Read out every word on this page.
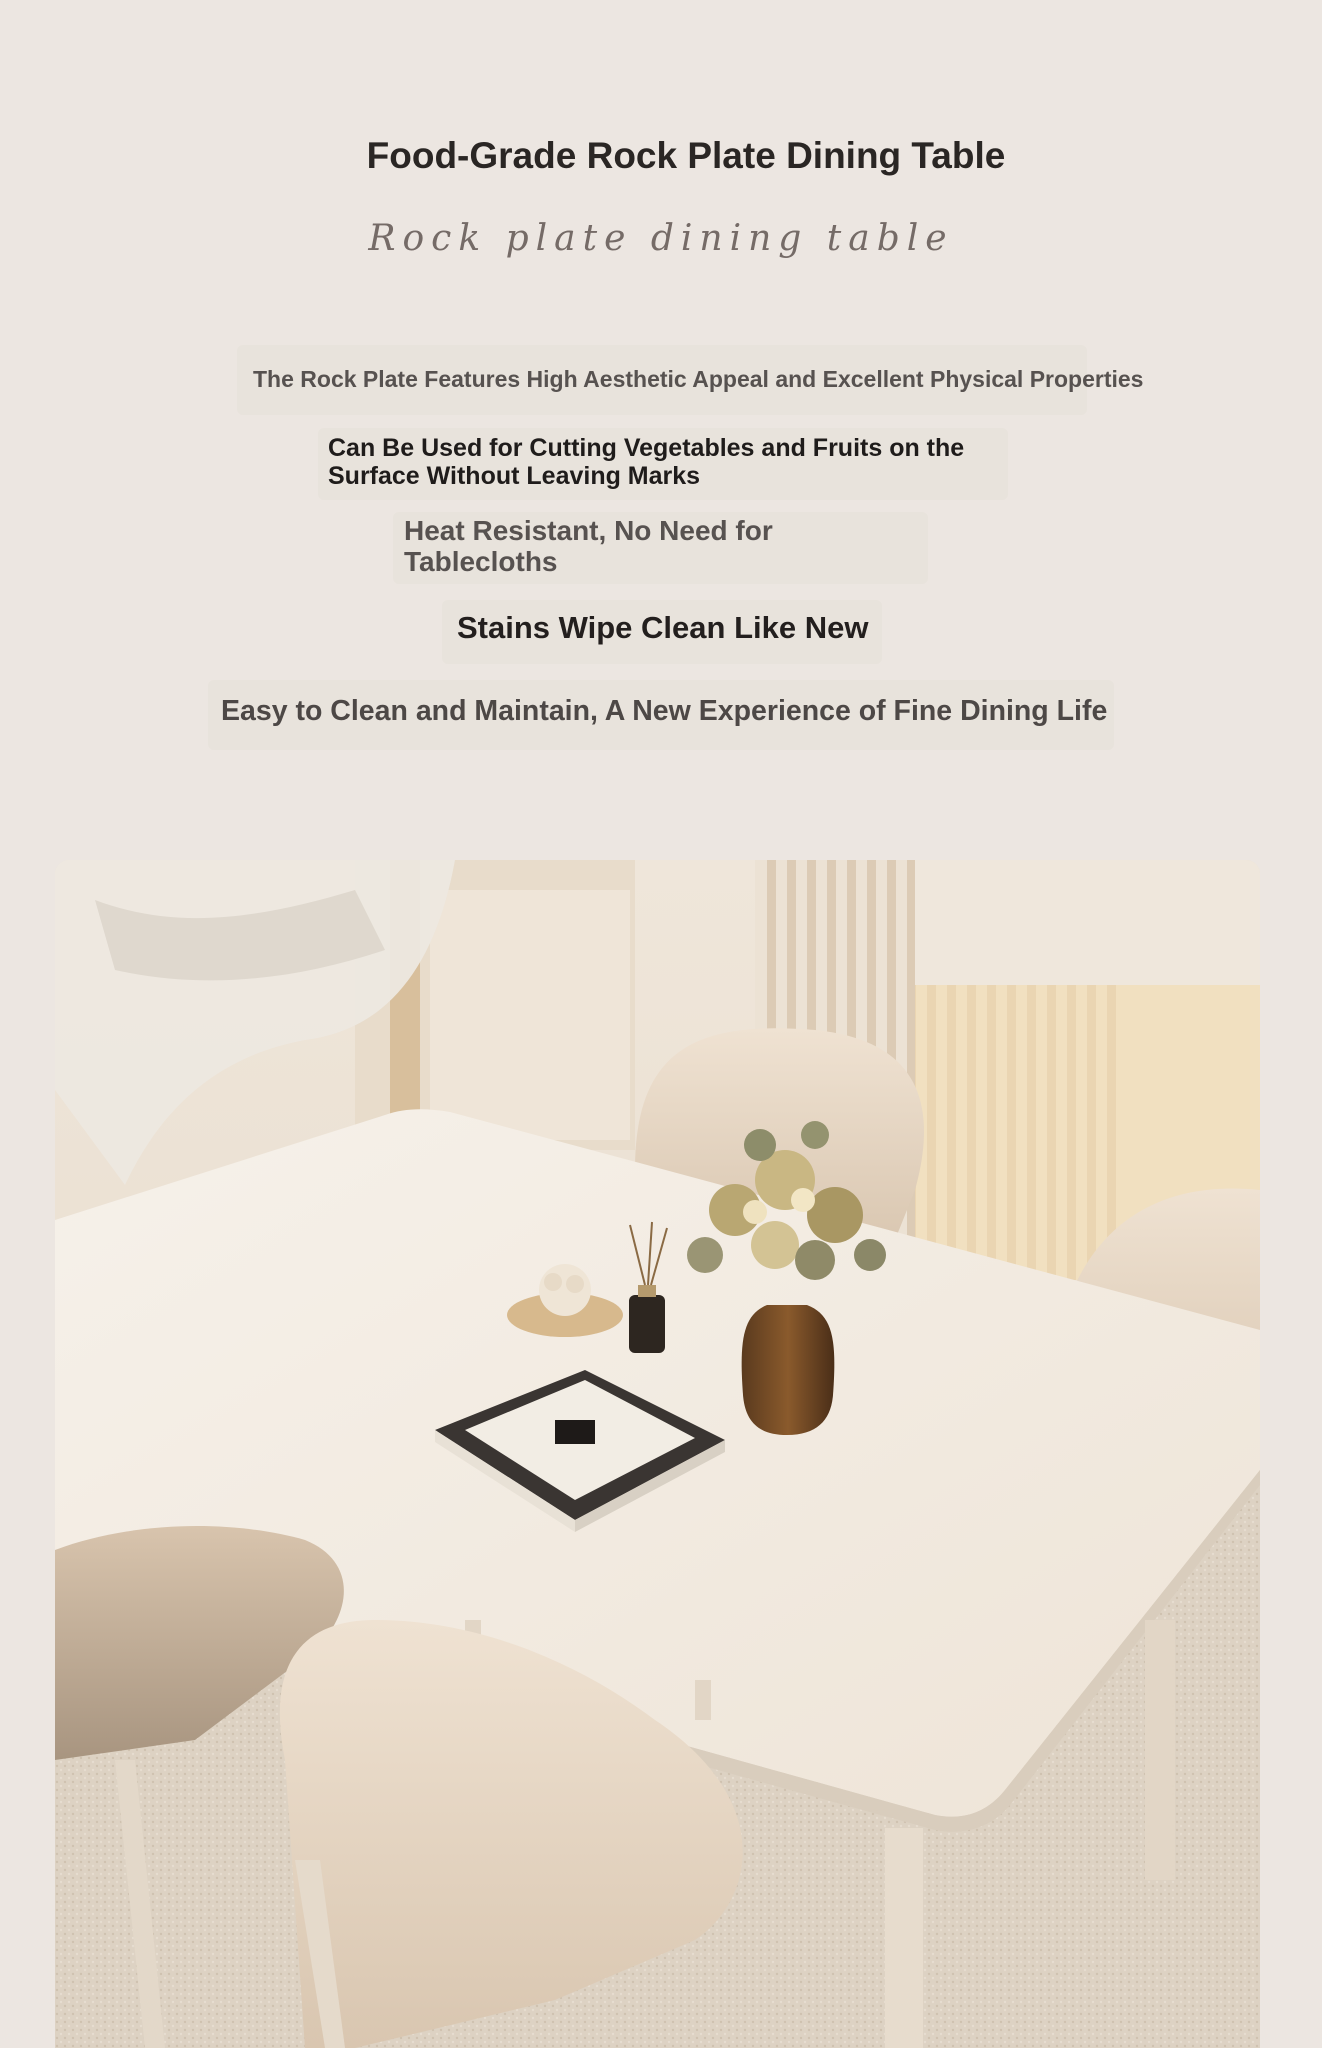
Food-Grade Rock Plate Dining Table
Rock plate dining table
The Rock Plate Features High Aesthetic Appeal and Excellent Physical Properties
Can Be Used for Cutting Vegetables and Fruits on the Surface Without Leaving Marks
Heat Resistant, No Need for Tablecloths
Stains Wipe Clean Like New
Easy to Clean and Maintain, A New Experience of Fine Dining Life
